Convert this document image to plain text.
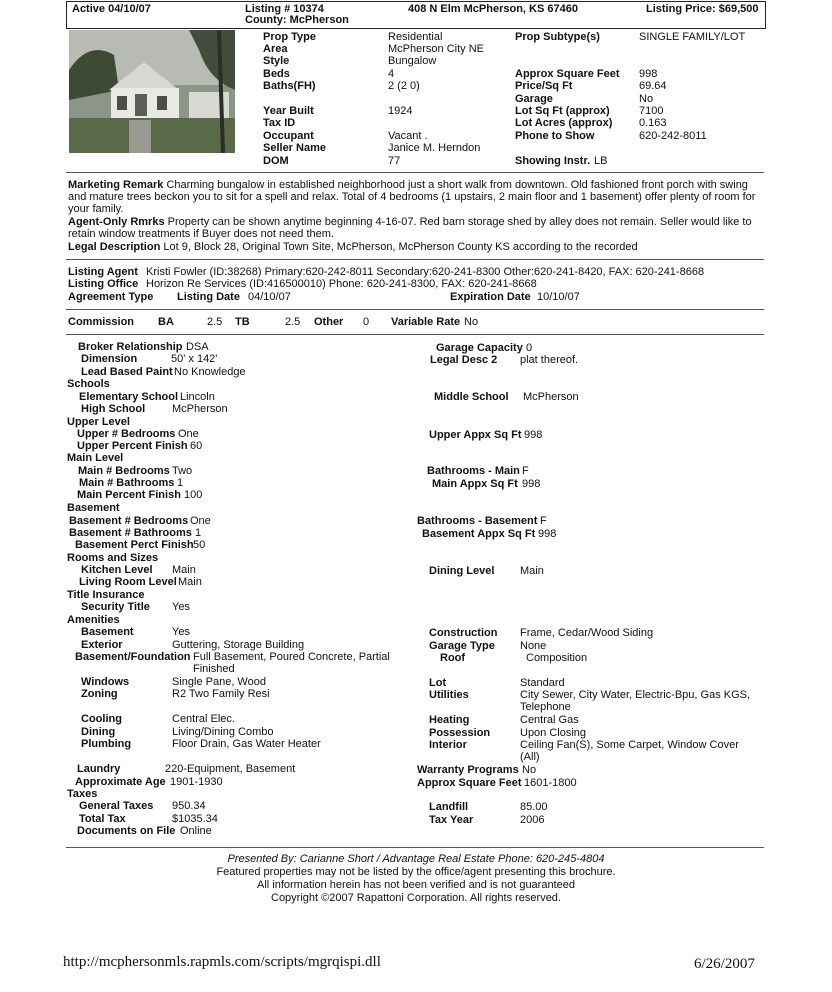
Active 04/10/07	Listing # 10374
County: McPherson
408 N Elm McPherson, KS 67460	Listing Price: $69,500
Prop Type	Residential
Area	McPherson City NE
Style	Bungalow
Beds	4
Baths(FH)	2 (2 0)
Year Built	1924
Tax ID
Occupant	Vacant .
Seller Name	Janice M. Herndon
DOM	77
Prop Subtype(s)	SINGLE FAMILY/LOT
Approx Square Feet 998
Price/Sq Ft	69.64
Garage	No
Lot Sq Ft (approx)	7100
Lot Acres (approx) 0.163
Phone to Show	620-242-8011
Showing Instr. LB
Marketing Remark Charming bungalow in established neighborhood just a short walk from downtown. Old fashioned front porch with swing and mature trees beckon you to sit for a spell and relax. Total of 4 bedrooms (1 upstairs, 2 main floor and 1 basement) offer plenty of room for your family.
Agent-Only Rmrks Property can be shown anytime beginning 4-16-07. Red barn storage shed by alley does not remain. Seller would like to retain window treatments if Buyer does not need them.
Legal Description Lot 9, Block 28, Original Town Site, McPherson, McPherson County KS according to the recorded
Listing Agent Kristi Fowler (ID:38268) Primary:620-242-8011 Secondary:620-241-8300 Other:620-241-8420, FAX: 620-241-8668
Listing Office Horizon Re Services (ID:416500010) Phone: 620-241-8300, FAX: 620-241-8668
Agreement Type Listing Date 04/10/07	Expiration Date 10/10/07
Commission BA	2.5 TB	2.5 Other 0 Variable Rate No
Broker Relationship DSA
Dimension	50' x 142'
Lead Based Paint No Knowledge
Schools
Elementary School Lincoln
High School McPherson
Upper Level
Upper # Bedrooms One
Upper Percent Finish 60
Main Level
Main # Bedrooms Two
Main # Bathrooms 1
Main Percent Finish 100
Basement
Basement # Bedrooms One
Basement # Bathrooms 1
Basement Perct Finish 50
Rooms and Sizes
Kitchen Level Main
Living Room Level Main
Title Insurance
Security Title Yes
Amenities
Basement	Yes
Exterior	Guttering, Storage Building
Basement/Foundation Full Basement, Poured Concrete, Partial Finished
Windows	Single Pane, Wood
Zoning	R2 Two Family Resi
Cooling	Central Elec.
Dining	Living/Dining Combo
Plumbing	Floor Drain, Gas Water Heater
Laundry	220-Equipment, Basement
Approximate Age 1901-1930
Taxes
General Taxes 950.34
Total Tax	$1035.34
Documents on File Online
Garage Capacity 0
Legal Desc 2 plat thereof.
Middle School McPherson
Upper Appx Sq Ft 998
Bathrooms - Main F
Main Appx Sq Ft 998
Bathrooms - Basement F
Basement Appx Sq Ft 998
Dining Level Main
Construction Frame, Cedar/Wood Siding
Garage Type None
Roof	Composition
Lot	Standard
Utilities	City Sewer, City Water, Electric-Bpu, Gas KGS, Telephone
Heating	Central Gas
Possession	Upon Closing
Interior	Ceiling Fan(S), Some Carpet, Window Cover (All)
Warranty Programs No
Approx Square Feet 1601-1800
Landfill	85.00
Tax Year	2006
Presented By: Carianne Short / Advantage Real Estate Phone: 620-245-4804
Featured properties may not be listed by the office/agent presenting this brochure.
All information herein has not been verified and is not guaranteed
Copyright ©2007 Rapattoni Corporation. All rights reserved.
http://mcphersonmls.rapmls.com/scripts/mgrqispi.dll	6/26/2007
